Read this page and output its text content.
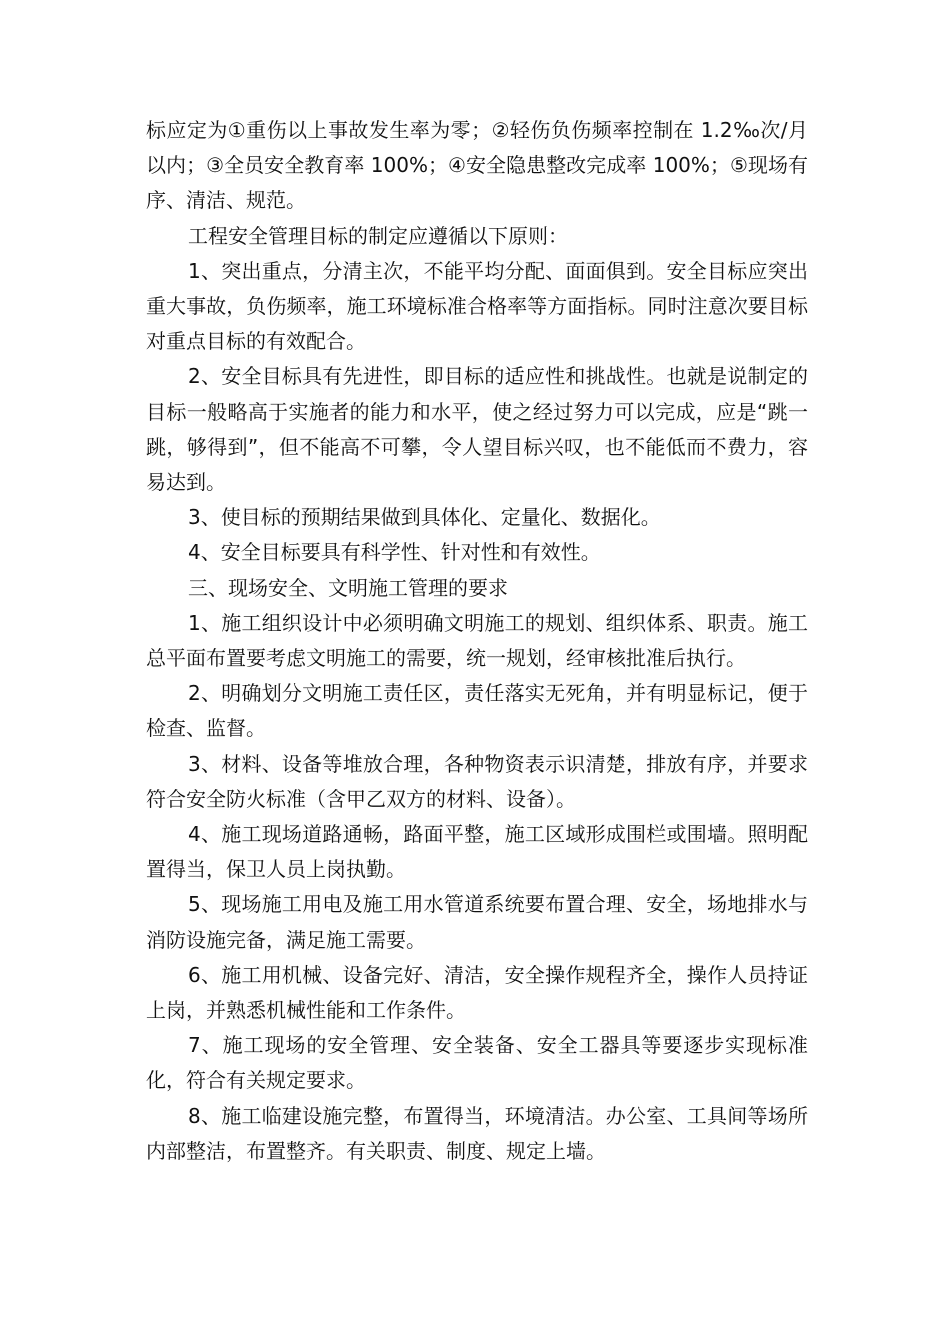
标应定为①重伤以上事故发生率为零；②轻伤负伤频率控制在 1.2‰次/月以内；③全员安全教育率 100%；④安全隐患整改完成率 100%；⑤现场有序、清洁、规范。

工程安全管理目标的制定应遵循以下原则：

1、突出重点，分清主次，不能平均分配、面面俱到。安全目标应突出重大事故，负伤频率，施工环境标准合格率等方面指标。同时注意次要目标对重点目标的有效配合。

2、安全目标具有先进性，即目标的适应性和挑战性。也就是说制定的目标一般略高于实施者的能力和水平，使之经过努力可以完成，应是“跳一跳，够得到”，但不能高不可攀，令人望目标兴叹，也不能低而不费力，容易达到。

3、使目标的预期结果做到具体化、定量化、数据化。

4、安全目标要具有科学性、针对性和有效性。

三、现场安全、文明施工管理的要求

1、施工组织设计中必须明确文明施工的规划、组织体系、职责。施工总平面布置要考虑文明施工的需要，统一规划，经审核批准后执行。

2、明确划分文明施工责任区，责任落实无死角，并有明显标记，便于检查、监督。

3、材料、设备等堆放合理，各种物资表示识清楚，排放有序，并要求符合安全防火标准（含甲乙双方的材料、设备）。

4、施工现场道路通畅，路面平整，施工区域形成围栏或围墙。照明配置得当，保卫人员上岗执勤。

5、现场施工用电及施工用水管道系统要布置合理、安全，场地排水与消防设施完备，满足施工需要。

6、施工用机械、设备完好、清洁，安全操作规程齐全，操作人员持证上岗，并熟悉机械性能和工作条件。

7、施工现场的安全管理、安全装备、安全工器具等要逐步实现标准化，符合有关规定要求。

8、施工临建设施完整，布置得当，环境清洁。办公室、工具间等场所内部整洁，布置整齐。有关职责、制度、规定上墙。
